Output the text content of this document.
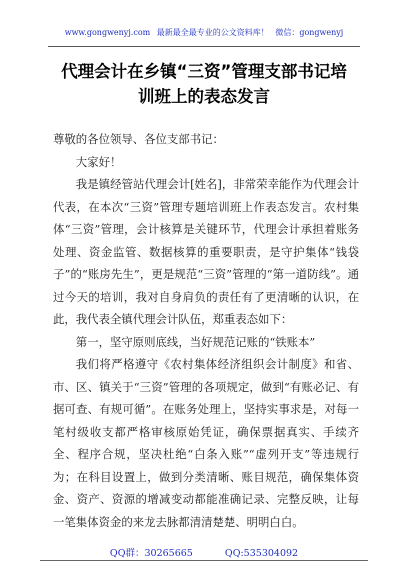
www.gongwenyj.com 最新最全最专业的公文资料库！ 微信：gongwenyj
代理会计在乡镇“三资”管理支部书记培
训班上的表态发言

尊敬的各位领导、各位支部书记：

大家好！

我是镇经管站代理会计[姓名]，非常荣幸能作为代理会计代表，在本次“三资”管理专题培训班上作表态发言。农村集体“三资”管理，会计核算是关键环节，代理会计承担着账务处理、资金监管、数据核算的重要职责，是守护集体“钱袋子”的“账房先生”，更是规范“三资”管理的“第一道防线”。通过今天的培训，我对自身肩负的责任有了更清晰的认识，在此，我代表全镇代理会计队伍，郑重表态如下：

第一，坚守原则底线，当好规范记账的“铁账本”

我们将严格遵守《农村集体经济组织会计制度》和省、市、区、镇关于“三资”管理的各项规定，做到“有账必记、有据可查、有规可循”。在账务处理上，坚持实事求是，对每一笔村级收支都严格审核原始凭证，确保票据真实、手续齐全、程序合规，坚决杜绝“白条入账”“虚列开支”等违规行为；在科目设置上，做到分类清晰、账目规范，确保集体资金、资产、资源的增减变动都能准确记录、完整反映，让每一笔集体资金的来龙去脉都清清楚楚、明明白白。

QQ群：30265665	QQ:535304092
